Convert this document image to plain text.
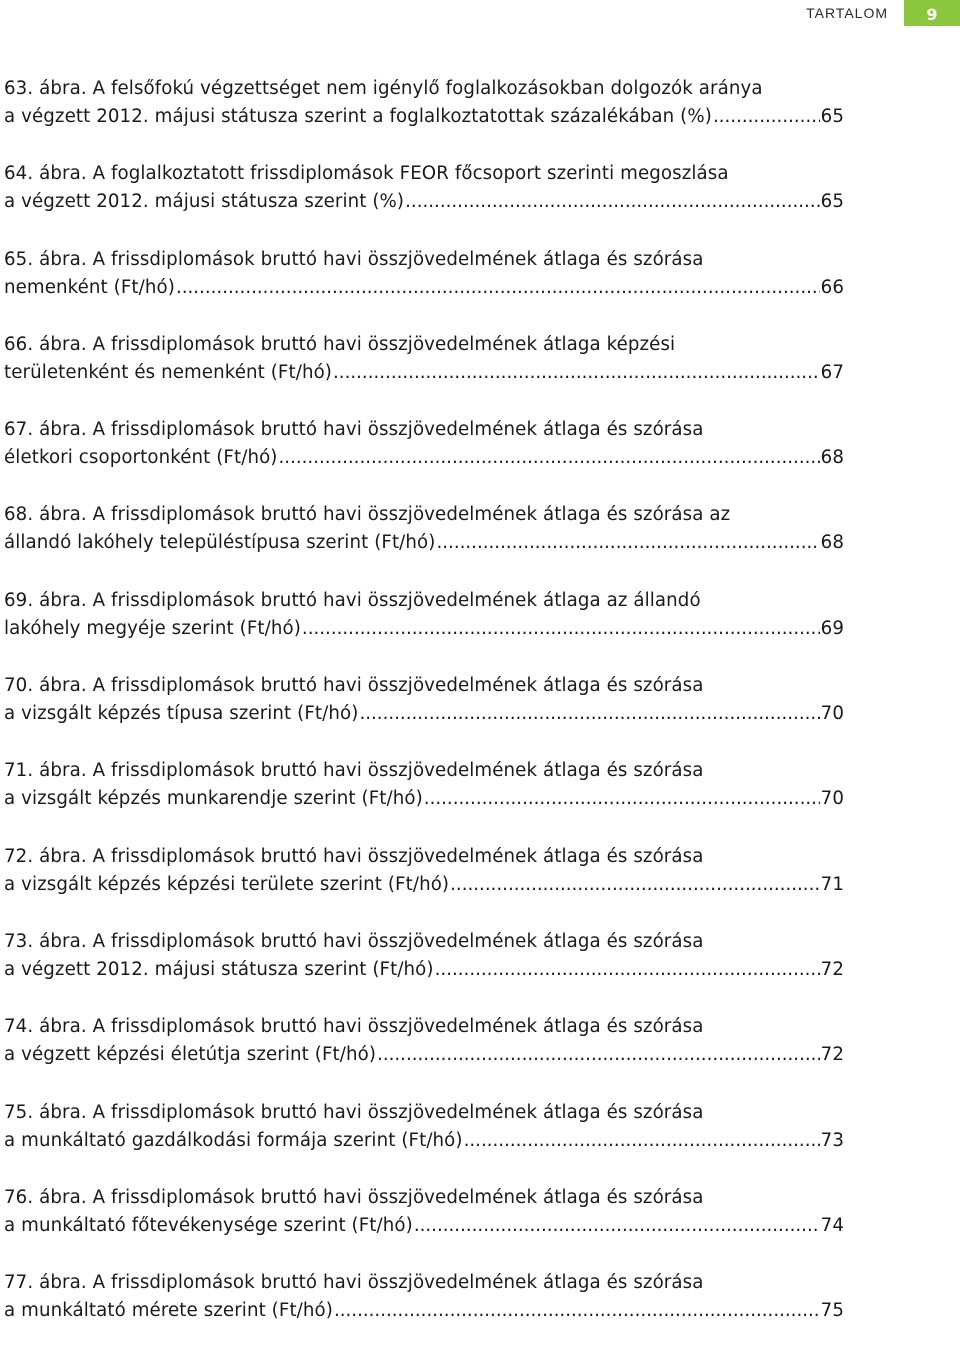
TARTALOM	9
63. ábra. A felsőfokú végzettséget nem igénylő foglalkozásokban dolgozók aránya
a végzett 2012. májusi státusza szerint a foglalkoztatottak százalékában (%) .....	65
64. ábra. A foglalkoztatott frissdiplomások FEOR főcsoport szerinti megoszlása
a végzett 2012. májusi státusza szerint (%) .....	65
65. ábra. A frissdiplomások bruttó havi összjövedelmének átlaga és szórása
nemenként (Ft/hó) .....	66
66. ábra. A frissdiplomások bruttó havi összjövedelmének átlaga képzési
területenként és nemenként (Ft/hó) .....	67
67. ábra. A frissdiplomások bruttó havi összjövedelmének átlaga és szórása
életkori csoportonként (Ft/hó) .....	68
68. ábra. A frissdiplomások bruttó havi összjövedelmének átlaga és szórása az
állandó lakóhely településtípusa szerint (Ft/hó) .....	68
69. ábra. A frissdiplomások bruttó havi összjövedelmének átlaga az állandó
lakóhely megyéje szerint (Ft/hó) .....	69
70. ábra. A frissdiplomások bruttó havi összjövedelmének átlaga és szórása
a vizsgált képzés típusa szerint (Ft/hó) .....	70
71. ábra. A frissdiplomások bruttó havi összjövedelmének átlaga és szórása
a vizsgált képzés munkarendje szerint (Ft/hó) .....	70
72. ábra. A frissdiplomások bruttó havi összjövedelmének átlaga és szórása
a vizsgált képzés képzési területe szerint (Ft/hó) .....	71
73. ábra. A frissdiplomások bruttó havi összjövedelmének átlaga és szórása
a végzett 2012. májusi státusza szerint (Ft/hó) .....	72
74. ábra. A frissdiplomások bruttó havi összjövedelmének átlaga és szórása
a végzett képzési életútja szerint (Ft/hó) .....	72
75. ábra. A frissdiplomások bruttó havi összjövedelmének átlaga és szórása
a munkáltató gazdálkodási formája szerint (Ft/hó) .....	73
76. ábra. A frissdiplomások bruttó havi összjövedelmének átlaga és szórása
a munkáltató főtevékenysége szerint (Ft/hó) .....	74
77. ábra. A frissdiplomások bruttó havi összjövedelmének átlaga és szórása
a munkáltató mérete szerint (Ft/hó) .....	75
